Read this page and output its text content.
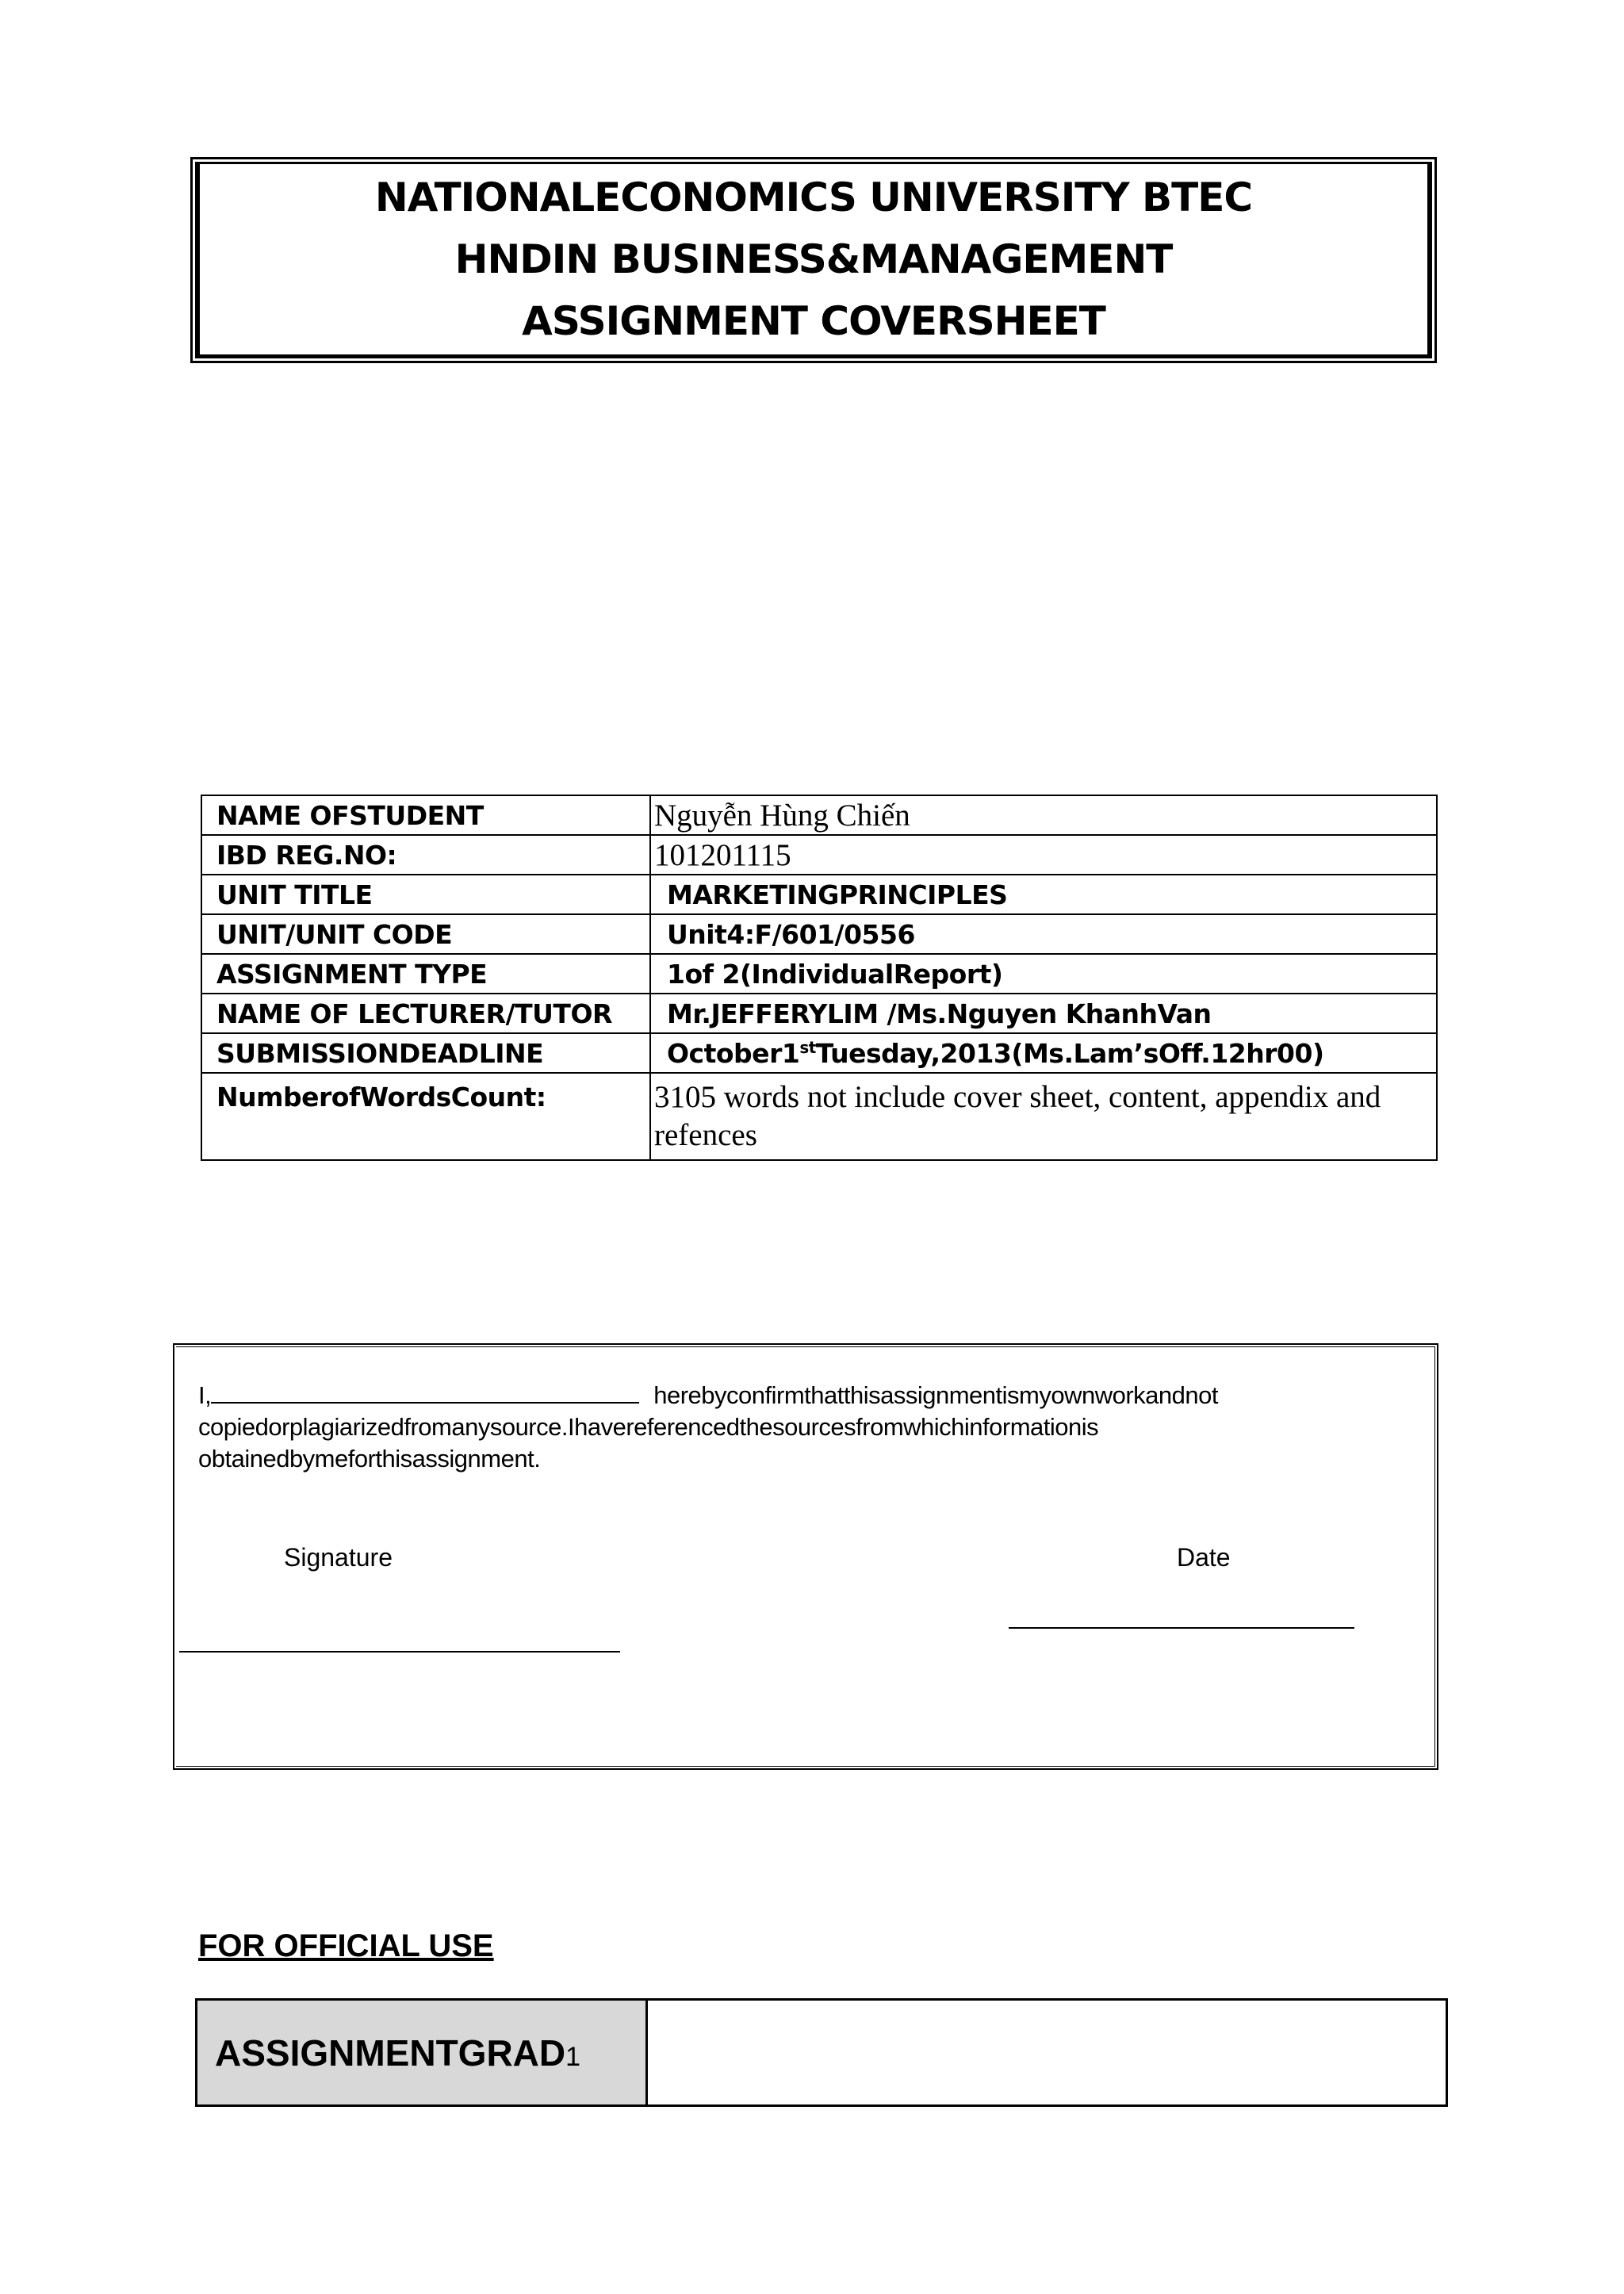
NATIONALECONOMICS UNIVERSITY BTEC
HNDIN BUSINESS&MANAGEMENT
ASSIGNMENT COVERSHEET
NAME OFSTUDENT	Nguyễn Hùng Chiến
IBD REG.NO:	101201115
UNIT TITLE	MARKETINGPRINCIPLES
UNIT/UNIT CODE	Unit4:F/601/0556
ASSIGNMENT TYPE	1of 2(IndividualReport)
NAME OF LECTURER/TUTOR	Mr.JEFFERYLIM /Ms.Nguyen KhanhVan
SUBMISSIONDEADLINE	October1stTuesday,2013(Ms.Lam’sOff.12hr00)
NumberofWordsCount:	3105 words not include cover sheet, content, appendix and refences
I,	herebyconfirmthatthisassignmentismyownworkandnot copiedorplagiarizedfromanysource.Ihavereferencedthesourcesfromwhichinformationis obtainedbymeforthisassignment.
Signature	Date
FOR OFFICIAL USE
ASSIGNMENTGRAD1	
